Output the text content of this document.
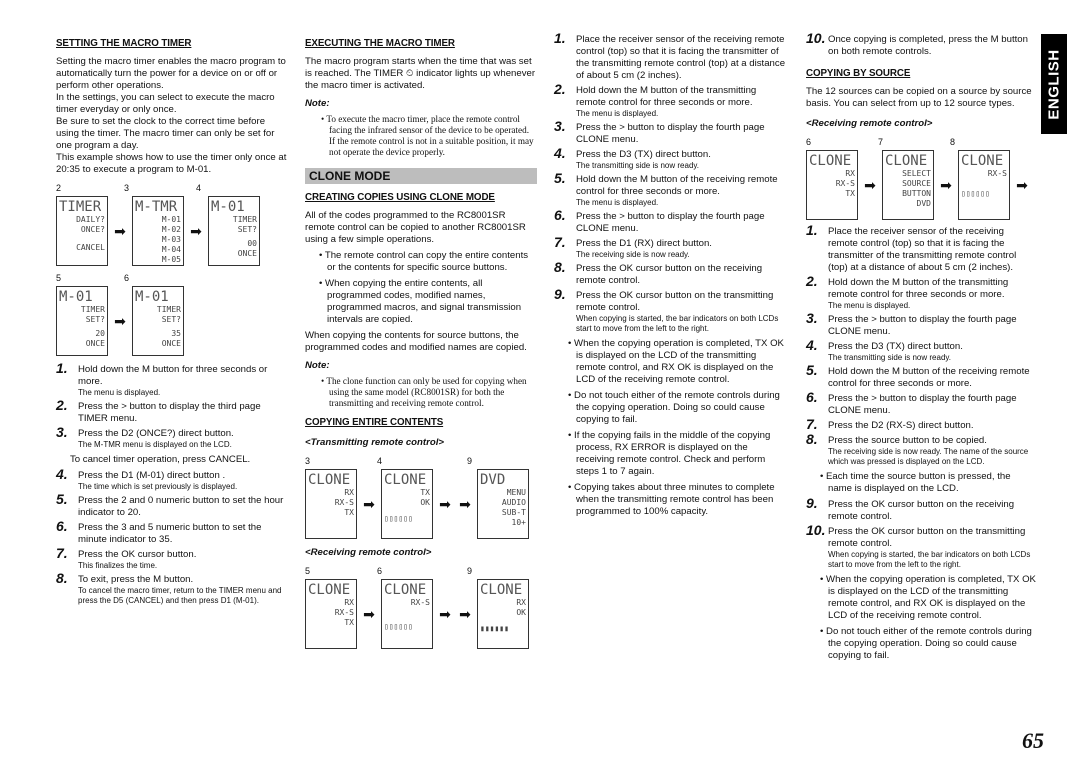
SETTING THE MACRO TIMER

Setting the macro timer enables the macro program to automatically turn the power for a device on or off or perform other operations.

In the settings, you can select to execute the macro timer everyday or only once.

Be sure to set the clock to the correct time before using the timer. The macro timer can only be set for one program a day.

This example shows how to use the timer only once at 20:35 to execute a program to M-01.

2	3	4
TIMER
DAILY?
ONCE?
CANCEL
➡
M-TMR
M-01
M-02
M-03
M-04
M-05
➡
M-01
TIMER
SET?
00
ONCE
5	6
M-01
TIMER
SET?
20
ONCE
➡
M-01
TIMER
SET?
35
ONCE
1. Hold down the M button for three seconds or more.
The menu is displayed.
2. Press the > button to display the third page TIMER menu.
3. Press the D2 (ONCE?) direct button.
The M-TMR menu is displayed on the LCD.
To cancel timer operation, press CANCEL.
4. Press the D1 (M-01) direct button .
The time which is set previously is displayed.
5. Press the 2 and 0 numeric button to set the hour indicator to 20.
6. Press the 3 and 5 numeric button to set the minute indicator to 35.
7. Press the OK cursor button.
This finalizes the time.
8. To exit, press the M button.
To cancel the macro timer, return to the TIMER menu and press the D5 (CANCEL) and then press D1 (M-01).
EXECUTING THE MACRO TIMER

The macro program starts when the time that was set is reached. The TIMER ⏲ indicator lights up whenever the macro timer is activated.

Note:
• To execute the macro timer, place the remote control facing the infrared sensor of the device to be operated. If the remote control is not in a suitable position, it may not operate the device properly.
CLONE MODE
CREATING COPIES USING CLONE MODE

All of the codes programmed to the RC8001SR remote control can be copied to another RC8001SR using a few simple operations.

• The remote control can copy the entire contents or the contents for specific source buttons.
• When copying the entire contents, all programmed codes, modified names, programmed macros, and signal transmission intervals are copied.

When copying the contents for source buttons, the programmed codes and modified names are copied.

Note:
• The clone function can only be used for copying when using the same model (RC8001SR) for both the transmitting and receiving remote control.
COPYING ENTIRE CONTENTS
<Transmitting remote control>
3	4	9
CLONE
RX
RX-S
TX
➡
CLONE
TX
OK
▯▯▯▯▯▯
➡ ➡
DVD
MENU
AUDIO
SUB-T
10+
<Receiving remote control>
5	6	9
CLONE
RX
RX-S
TX
➡
CLONE
RX-S
▯▯▯▯▯▯
➡ ➡
CLONE
RX
OK
▮▮▮▮▮▮
1. Place the receiver sensor of the receiving remote control (top) so that it is facing the transmitter of the transmitting remote control (top) at a distance of about 5 cm (2 inches).
2. Hold down the M button of the transmitting remote control for three seconds or more.
The menu is displayed.
3. Press the > button to display the fourth page CLONE menu.
4. Press the D3 (TX) direct button.
The transmitting side is now ready.
5. Hold down the M button of the receiving remote control for three seconds or more.
The menu is displayed.
6. Press the > button to display the fourth page CLONE menu.
7. Press the D1 (RX) direct button.
The receiving side is now ready.
8. Press the OK cursor button on the receiving remote control.
9. Press the OK cursor button on the transmitting remote control.
When copying is started, the bar indicators on both LCDs start to move from the left to the right.
• When the copying operation is completed, TX OK is displayed on the LCD of the transmitting remote control, and RX OK is displayed on the LCD of the receiving remote control.
• Do not touch either of the remote controls during the copying operation. Doing so could cause copying to fail.
• If the copying fails in the middle of the copying process, RX ERROR is displayed on the receiving remote control. Check and perform steps 1 to 7 again.
• Copying takes about three minutes to complete when the transmitting remote control has been programmed to 100% capacity.
10. Once copying is completed, press the M button on both remote controls.
COPYING BY SOURCE

The 12 sources can be copied on a source by source basis. You can select from up to 12 source types.

<Receiving remote control>
6	7	8
CLONE
RX
RX-S
TX
➡
CLONE
SELECT
SOURCE
BUTTON
DVD
➡
CLONE
RX-S
▯▯▯▯▯▯
➡
1. Place the receiver sensor of the receiving remote control (top) so that it is facing the transmitter of the transmitting remote control (top) at a distance of about 5 cm (2 inches).
2. Hold down the M button of the transmitting remote control for three seconds or more.
The menu is displayed.
3. Press the > button to display the fourth page CLONE menu.
4. Press the D3 (TX) direct button.
The transmitting side is now ready.
5. Hold down the M button of the receiving remote control for three seconds or more.
6. Press the > button to display the fourth page CLONE menu.
7. Press the D2 (RX-S) direct button.
8. Press the source button to be copied.
The receiving side is now ready. The name of the source which was pressed is displayed on the LCD.
• Each time the source button is pressed, the name is displayed on the LCD.
9. Press the OK cursor button on the receiving remote control.
10. Press the OK cursor button on the transmitting remote control.
When copying is started, the bar indicators on both LCDs start to move from the left to the right.
• When the copying operation is completed, TX OK is displayed on the LCD of the transmitting remote control, and RX OK is displayed on the LCD of the receiving remote control.
• Do not touch either of the remote controls during the copying operation. Doing so could cause copying to fail.
ENGLISH
65
